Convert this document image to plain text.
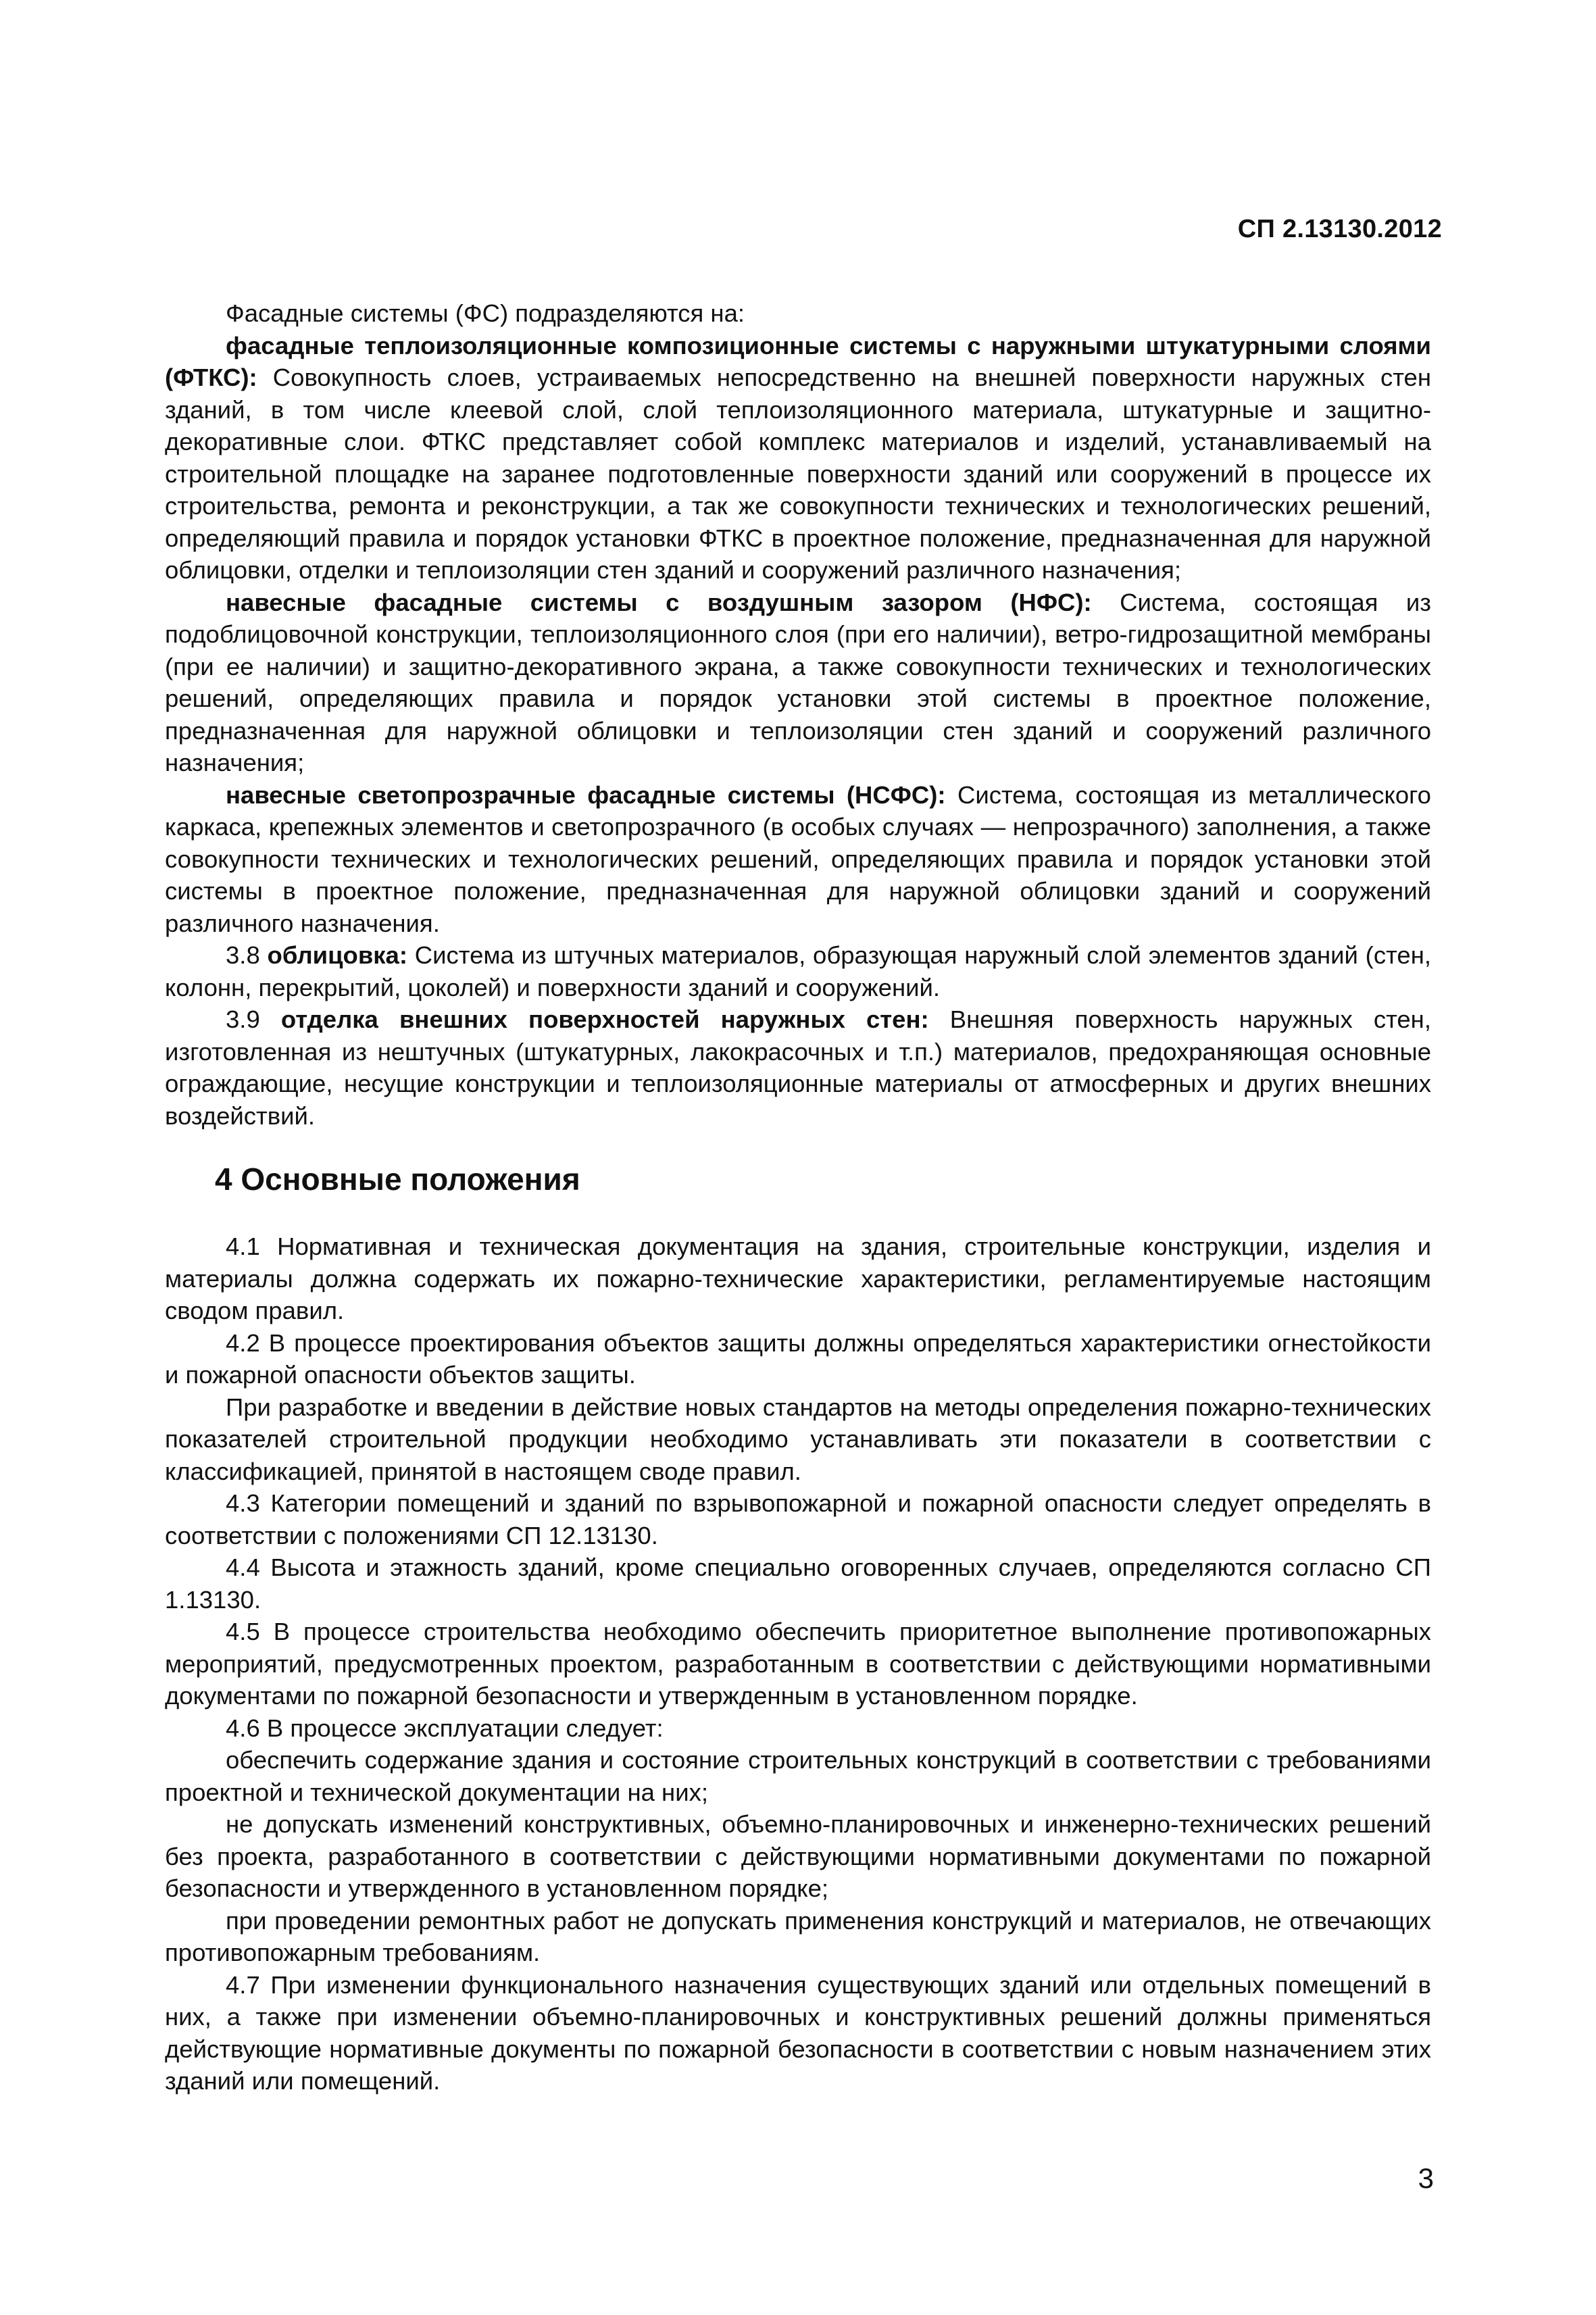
СП 2.13130.2012

Фасадные системы (ФС) подразделяются на:

фасадные теплоизоляционные композиционные системы с наружными штукатурными слоями (ФТКС): Совокупность слоев, устраиваемых непосредственно на внешней поверхности наружных стен зданий, в том числе клеевой слой, слой теплоизоляционного материала, штукатурные и защитно-декоративные слои. ФТКС представляет собой комплекс материалов и изделий, устанавливаемый на строительной площадке на заранее подготовленные поверхности зданий или сооружений в процессе их строительства, ремонта и реконструкции, а так же совокупности технических и технологических решений, определяющий правила и порядок установки ФТКС в проектное положение, предназначенная для наружной облицовки, отделки и теплоизоляции стен зданий и сооружений различного назначения;

навесные фасадные системы с воздушным зазором (НФС): Система, состоящая из подоблицовочной конструкции, теплоизоляционного слоя (при его наличии), ветро-гидрозащитной мембраны (при ее наличии) и защитно-декоративного экрана, а также совокупности технических и технологических решений, определяющих правила и порядок установки этой системы в проектное положение, предназначенная для наружной облицовки и теплоизоляции стен зданий и сооружений различного назначения;

навесные светопрозрачные фасадные системы (НСФС): Система, состоящая из металлического каркаса, крепежных элементов и светопрозрачного (в особых случаях — непрозрачного) заполнения, а также совокупности технических и технологических решений, определяющих правила и порядок установки этой системы в проектное положение, предназначенная для наружной облицовки зданий и сооружений различного назначения.

3.8 облицовка: Система из штучных материалов, образующая наружный слой элементов зданий (стен, колонн, перекрытий, цоколей) и поверхности зданий и сооружений.

3.9 отделка внешних поверхностей наружных стен: Внешняя поверхность наружных стен, изготовленная из нештучных (штукатурных, лакокрасочных и т.п.) материалов, предохраняющая основные ограждающие, несущие конструкции и теплоизоляционные материалы от атмосферных и других внешних воздействий.

4 Основные положения

4.1 Нормативная и техническая документация на здания, строительные конструкции, изделия и материалы должна содержать их пожарно-технические характеристики, регламентируемые настоящим сводом правил.

4.2 В процессе проектирования объектов защиты должны определяться характеристики огнестойкости и пожарной опасности объектов защиты.

При разработке и введении в действие новых стандартов на методы определения пожарно-технических показателей строительной продукции необходимо устанавливать эти показатели в соответствии с классификацией, принятой в настоящем своде правил.

4.3 Категории помещений и зданий по взрывопожарной и пожарной опасности следует определять в соответствии с положениями СП 12.13130.

4.4 Высота и этажность зданий, кроме специально оговоренных случаев, определяются согласно СП 1.13130.

4.5 В процессе строительства необходимо обеспечить приоритетное выполнение противопожарных мероприятий, предусмотренных проектом, разработанным в соответствии с действующими нормативными документами по пожарной безопасности и утвержденным в установленном порядке.

4.6 В процессе эксплуатации следует:

обеспечить содержание здания и состояние строительных конструкций в соответствии с требованиями проектной и технической документации на них;

не допускать изменений конструктивных, объемно-планировочных и инженерно-технических решений без проекта, разработанного в соответствии с действующими нормативными документами по пожарной безопасности и утвержденного в установленном порядке;

при проведении ремонтных работ не допускать применения конструкций и материалов, не отвечающих противопожарным требованиям.

4.7 При изменении функционального назначения существующих зданий или отдельных помещений в них, а также при изменении объемно-планировочных и конструктивных решений должны применяться действующие нормативные документы по пожарной безопасности в соответствии с новым назначением этих зданий или помещений.

3
